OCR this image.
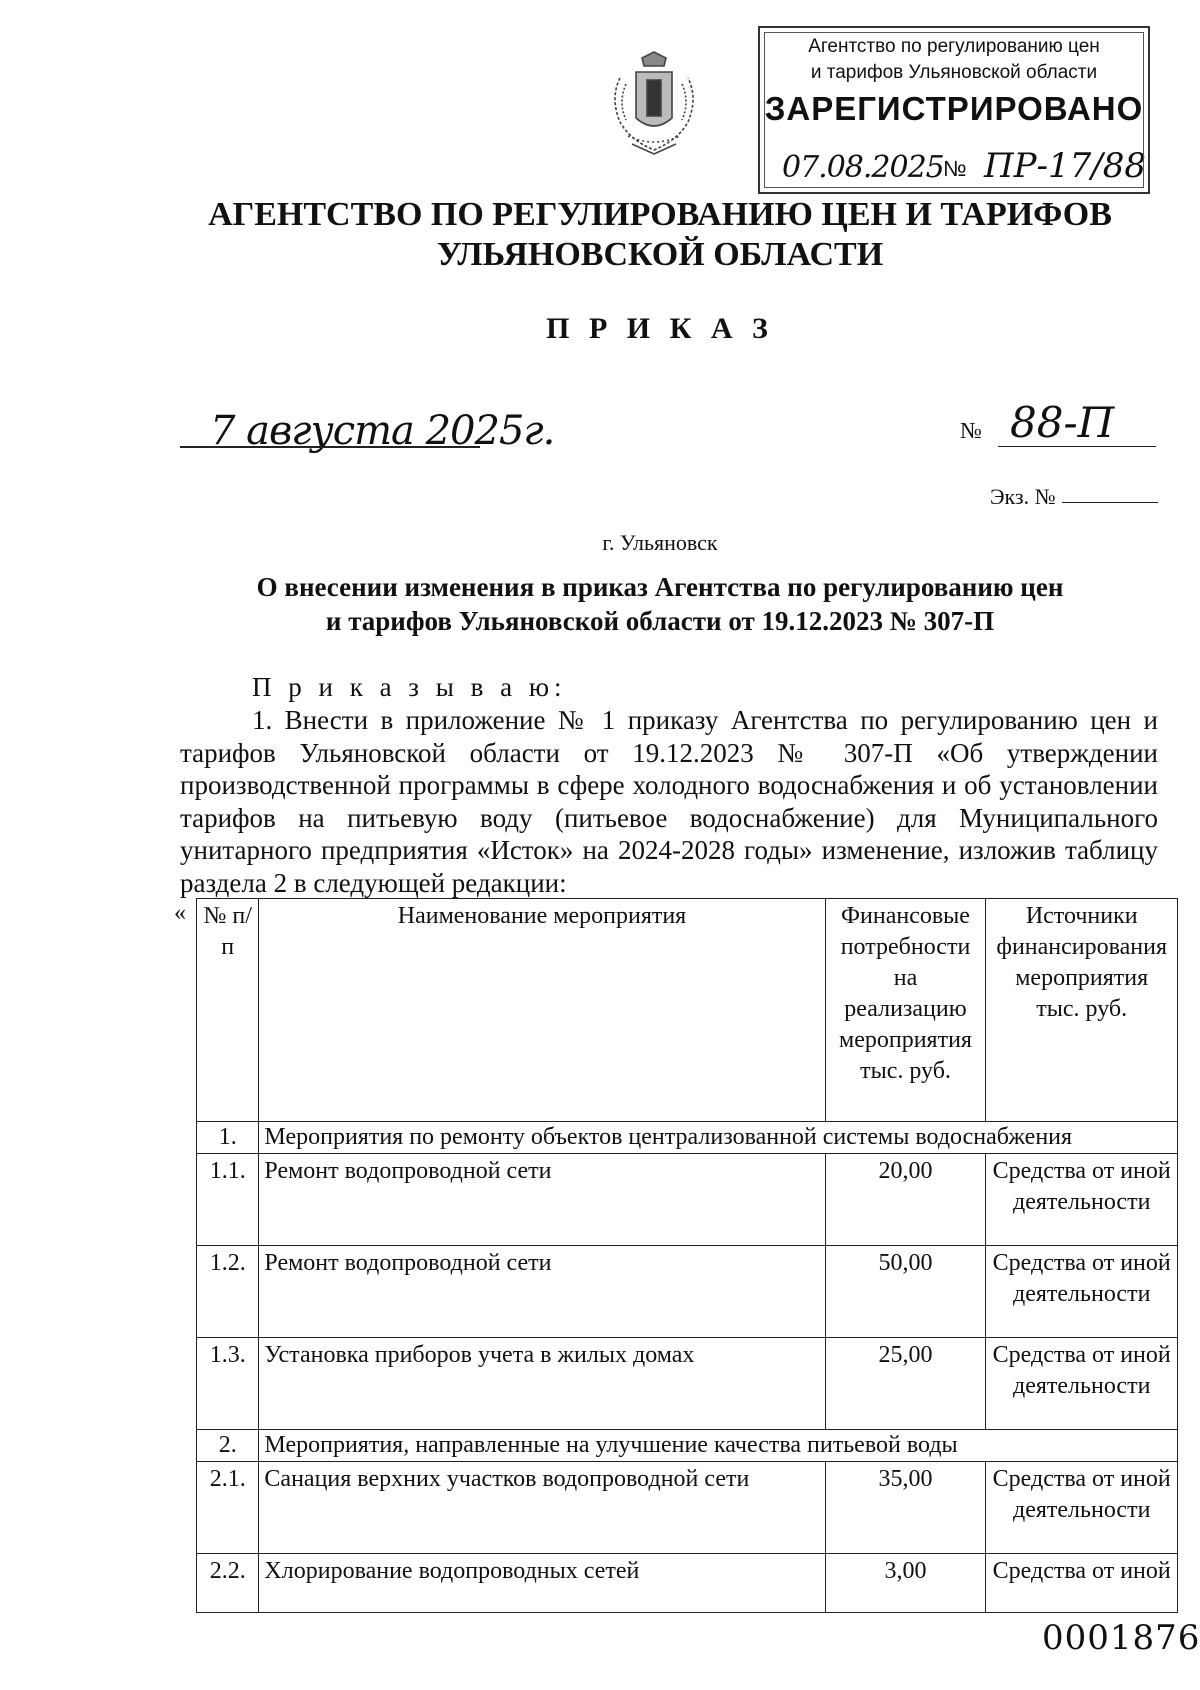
Агентство по регулированию цен
и тарифов Ульяновской области
ЗАРЕГИСТРИРОВАНО
07.08.2025 № ПР-17/88
АГЕНТСТВО ПО РЕГУЛИРОВАНИЮ ЦЕН И ТАРИФОВ
УЛЬЯНОВСКОЙ ОБЛАСТИ
П Р И К А З
7 августа 2025г.	№ 88-П
Экз. №
г. Ульяновск
О внесении изменения в приказ Агентства по регулированию цен
и тарифов Ульяновской области от 19.12.2023 № 307-П
П р и к а з ы в а ю:
1. Внести в приложение № 1 приказу Агентства по регулированию цен и тарифов Ульяновской области от 19.12.2023 № 307-П «Об утверждении производственной программы в сфере холодного водоснабжения и об установлении тарифов на питьевую воду (питьевое водоснабжение) для Муниципального унитарного предприятия «Исток» на 2024-2028 годы» изменение, изложив таблицу раздела 2 в следующей редакции:
« № п/п	Наименование мероприятия	Финансовые потребности на реализацию мероприятия тыс. руб.	Источники финансирования мероприятия тыс. руб.
1.	Мероприятия по ремонту объектов централизованной системы водоснабжения		
1.1.	Ремонт водопроводной сети	20,00	Средства от иной деятельности
1.2.	Ремонт водопроводной сети	50,00	Средства от иной деятельности
1.3.	Установка приборов учета в жилых домах	25,00	Средства от иной деятельности
2.	Мероприятия, направленные на улучшение качества питьевой воды		
2.1.	Санация верхних участков водопроводной сети	35,00	Средства от иной деятельности
2.2.	Хлорирование водопроводных сетей	3,00	Средства от иной
0001876
